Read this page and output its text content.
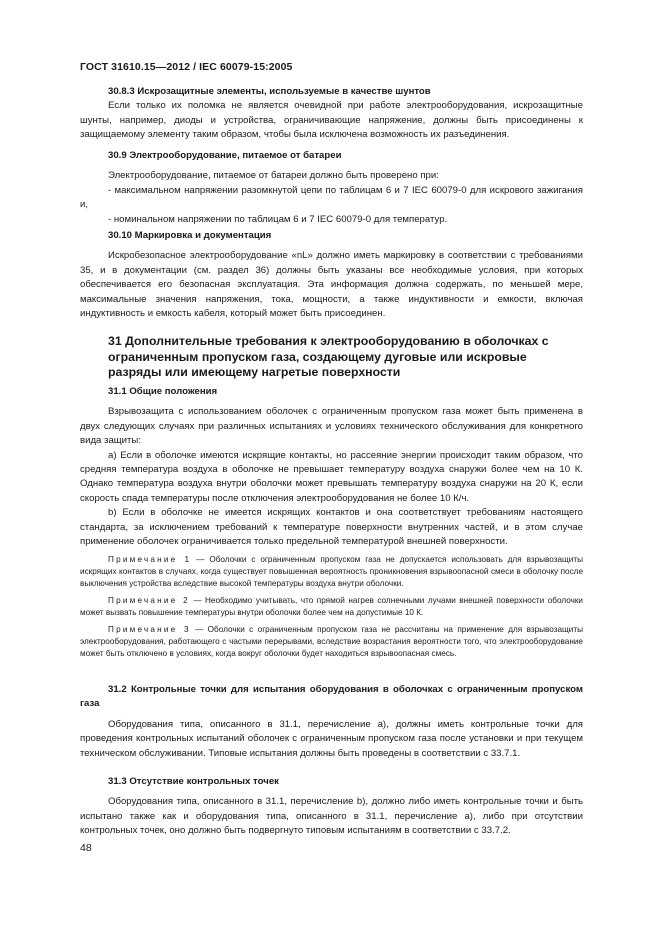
ГОСТ 31610.15—2012 / IEC 60079-15:2005

30.8.3 Искрозащитные элементы, используемые в качестве шунтов

Если только их поломка не является очевидной при работе электрооборудования, искрозащитные шунты, например, диоды и устройства, ограничивающие напряжение, должны быть присоединены к защищаемому элементу таким образом, чтобы была исключена возможность их разъединения.

30.9 Электрооборудование, питаемое от батареи

Электрооборудование, питаемое от батареи должно быть проверено при:

- максимальном напряжении разомкнутой цепи по таблицам 6 и 7 IEC 60079-0 для искрового зажигания и,

- номинальном напряжении по таблицам 6 и 7 IEC 60079-0 для температур.

30.10 Маркировка и документация

Искробезопасное электрооборудование «nL» должно иметь маркировку в соответствии с требованиями 35, и в документации (см. раздел 36) должны быть указаны все необходимые условия, при которых обеспечивается его безопасная эксплуатация. Эта информация должна содержать, по меньшей мере, максимальные значения напряжения, тока, мощности, а также индуктивности и емкости, включая индуктивность и емкость кабеля, который может быть присоединен.

31 Дополнительные требования к электрооборудованию в оболочках с ограниченным пропуском газа, создающему дуговые или искровые разряды или имеющему нагретые поверхности

31.1 Общие положения

Взрывозащита с использованием оболочек с ограниченным пропуском газа может быть применена в двух следующих случаях при различных испытаниях и условиях технического обслуживания для конкретного вида защиты:

а) Если в оболочке имеются искрящие контакты, но рассеяние энергии происходит таким образом, что средняя температура воздуха в оболочке не превышает температуру воздуха снаружи более чем на 10 К. Однако температура воздуха внутри оболочки может превышать температуру воздуха снаружи на 20 К, если скорость спада температуры после отключения электрооборудования не более 10 К/ч.

b) Если в оболочке не имеется искрящих контактов и она соответствует требованиям настоящего стандарта, за исключением требований к температуре поверхности внутренних частей, и в этом случае применение оболочек ограничивается только предельной температурой внешней поверхности.

Примечание 1 — Оболочки с ограниченным пропуском газа не допускается использовать для взрывозащиты искрящих контактов в случаях, когда существует повышенная вероятность проникновения взрывоопасной смеси в оболочку после выключения устройства вследствие высокой температуры воздуха внутри оболочки.

Примечание 2 — Необходимо учитывать, что прямой нагрев солнечными лучами внешней поверхности оболочки может вызвать повышение температуры внутри оболочки более чем на допустимые 10 К.

Примечание 3 — Оболочки с ограниченным пропуском газа не рассчитаны на применение для взрывозащиты электрооборудования, работающего с частыми перерывами, вследствие возрастания вероятности того, что электрооборудование может быть отключено в условиях, когда вокруг оболочки будет находиться взрывоопасная смесь.

31.2 Контрольные точки для испытания оборудования в оболочках с ограниченным пропуском газа

Оборудования типа, описанного в 31.1, перечисление а), должны иметь контрольные точки для проведения контрольных испытаний оболочек с ограниченным пропуском газа после установки и при текущем техническом обслуживании. Типовые испытания должны быть проведены в соответствии с 33.7.1.

31.3 Отсутствие контрольных точек

Оборудования типа, описанного в 31.1, перечисление b), должно либо иметь контрольные точки и быть испытано также как и оборудования типа, описанного в 31.1, перечисление а), либо при отсутствии контрольных точек, оно должно быть подвергнуто типовым испытаниям в соответствии с 33.7.2.

48
